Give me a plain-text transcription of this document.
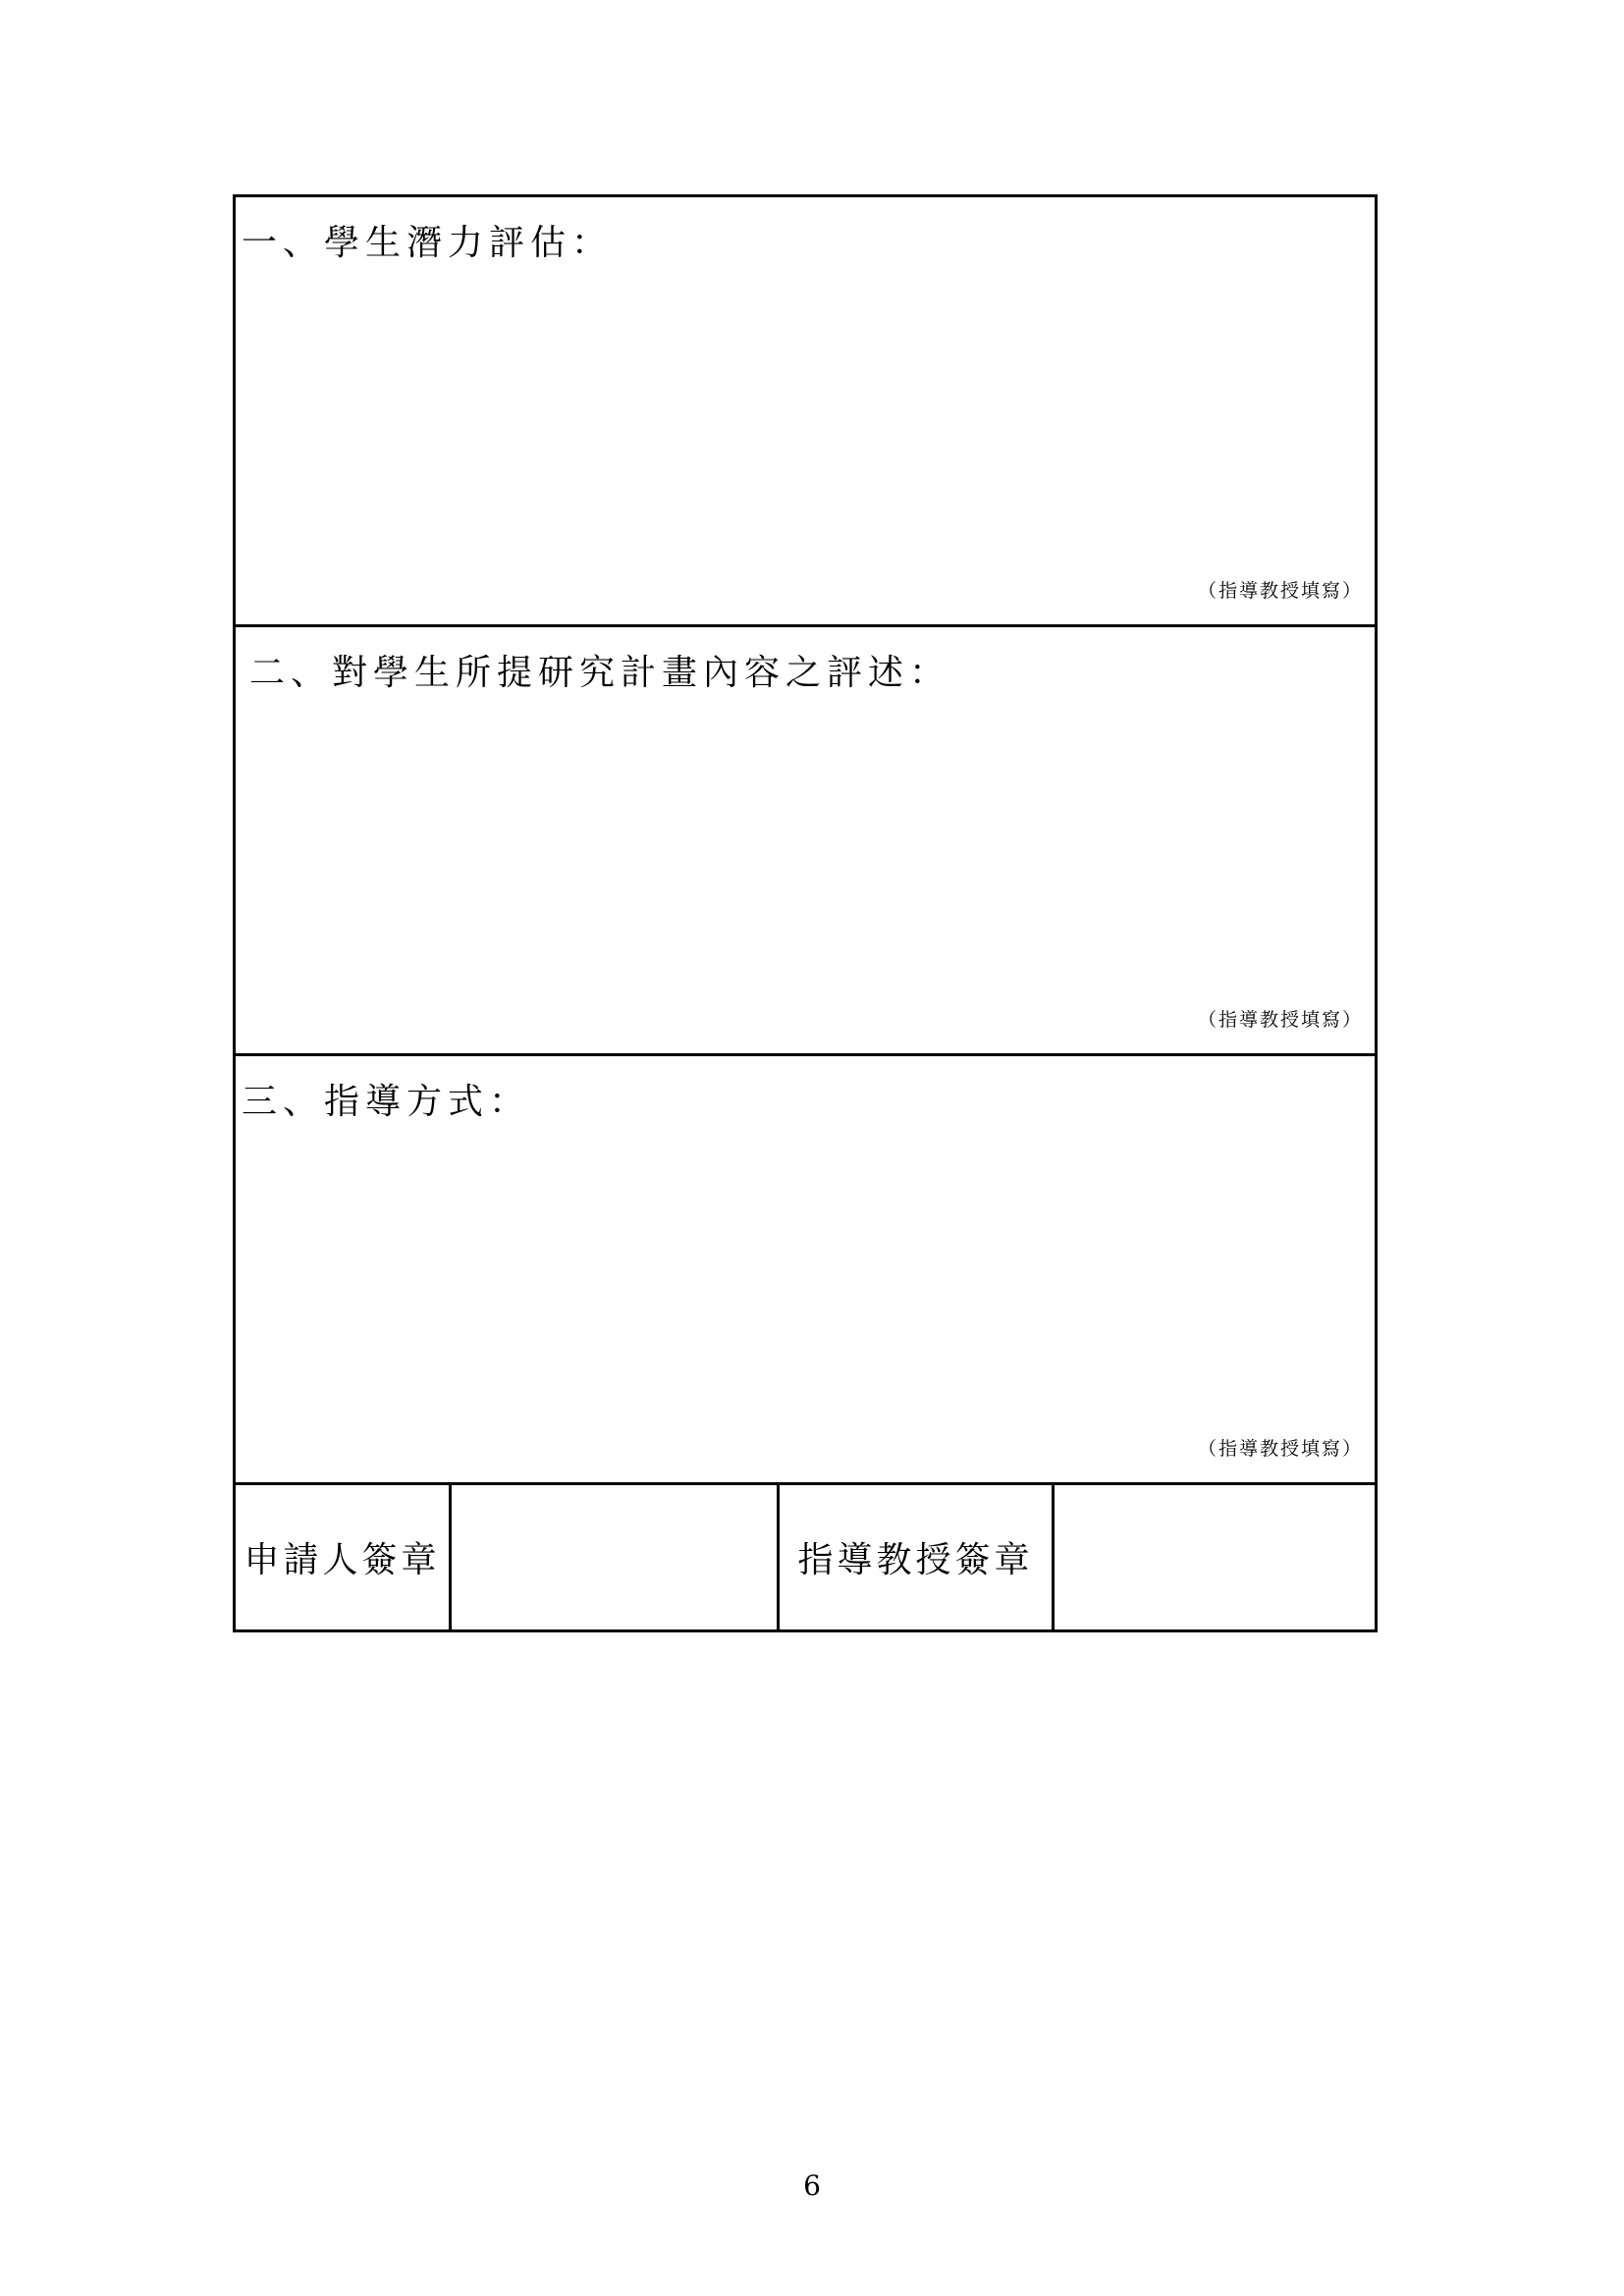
一、學生潛力評估：
（指導教授填寫）
二、對學生所提研究計畫內容之評述：
（指導教授填寫）
三、指導方式：
（指導教授填寫）
申請人簽章	指導教授簽章
6
